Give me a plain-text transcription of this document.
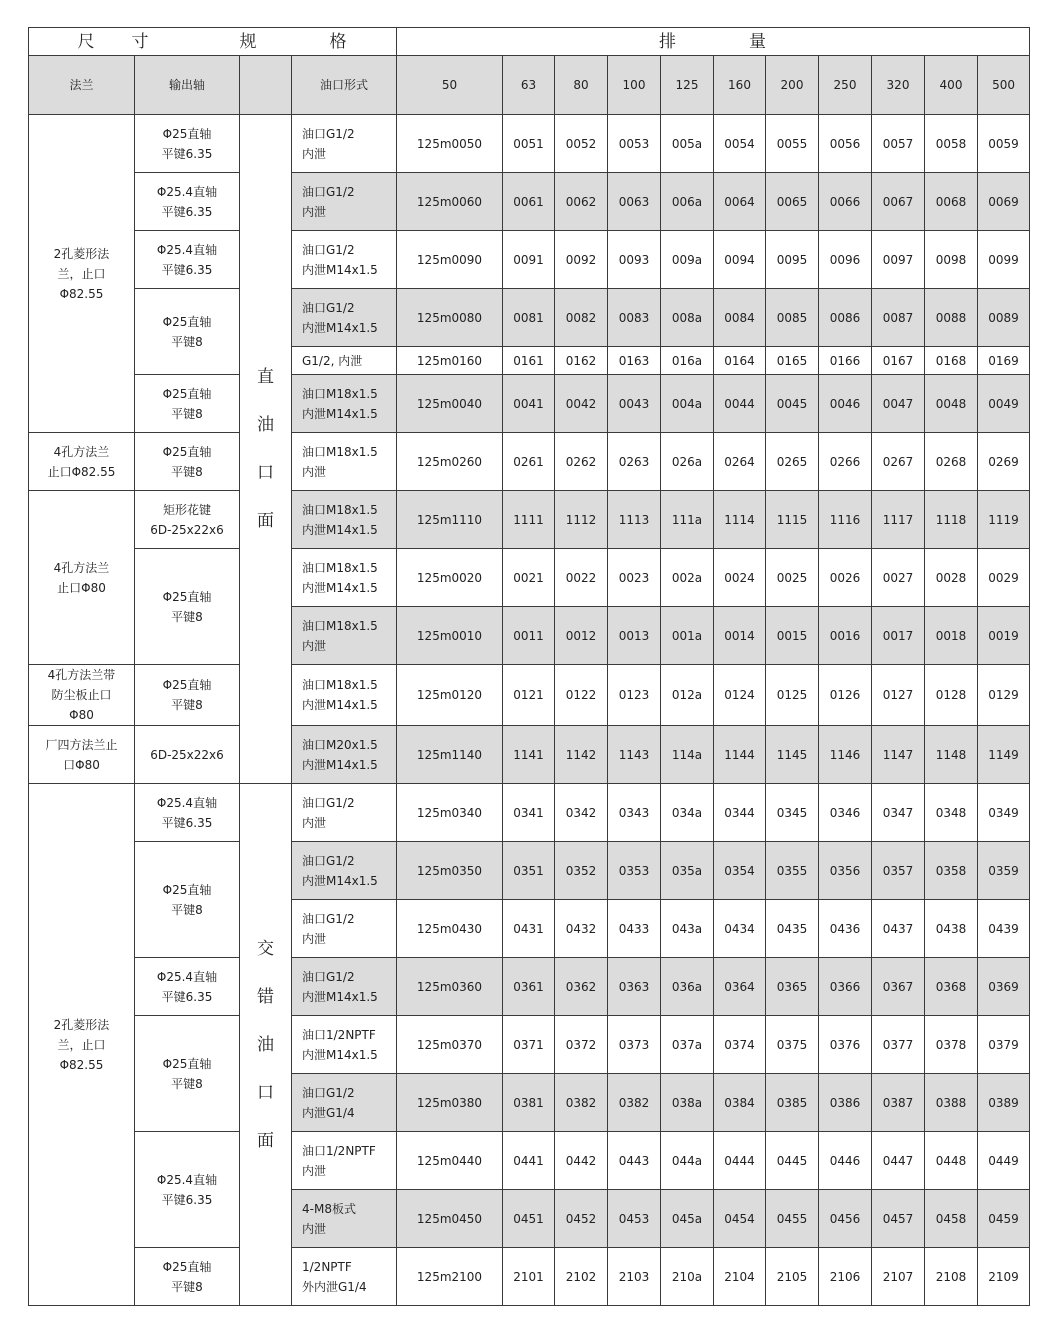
尺　　寸　　　　　规　　　　格				排　　　　量										
法兰	输出轴		油口形式	50	63	80	100	125	160	200	250	320	400	500
2孔菱形法
兰，止口
Φ82.55	Φ25直轴
平键6.35	直
油
口
面	油口G1/2
内泄	125m0050	0051	0052	0053	005a	0054	0055	0056	0057	0058	0059
	Φ25.4直轴
平键6.35		油口G1/2
内泄	125m0060	0061	0062	0063	006a	0064	0065	0066	0067	0068	0069
	Φ25.4直轴
平键6.35		油口G1/2
内泄M14x1.5	125m0090	0091	0092	0093	009a	0094	0095	0096	0097	0098	0099
	Φ25直轴
平键8		油口G1/2
内泄M14x1.5	125m0080	0081	0082	0083	008a	0084	0085	0086	0087	0088	0089
			G1/2, 内泄	125m0160	0161	0162	0163	016a	0164	0165	0166	0167	0168	0169
	Φ25直轴
平键8		油口M18x1.5
内泄M14x1.5	125m0040	0041	0042	0043	004a	0044	0045	0046	0047	0048	0049
4孔方法兰
止口Φ82.55	Φ25直轴
平键8		油口M18x1.5
内泄	125m0260	0261	0262	0263	026a	0264	0265	0266	0267	0268	0269
4孔方法兰
止口Φ80	矩形花键
6D-25x22x6		油口M18x1.5
内泄M14x1.5	125m1110	1111	1112	1113	111a	1114	1115	1116	1117	1118	1119
	Φ25直轴
平键8		油口M18x1.5
内泄M14x1.5	125m0020	0021	0022	0023	002a	0024	0025	0026	0027	0028	0029
			油口M18x1.5
内泄	125m0010	0011	0012	0013	001a	0014	0015	0016	0017	0018	0019
4孔方法兰带
防尘板止口
Φ80	Φ25直轴
平键8		油口M18x1.5
内泄M14x1.5	125m0120	0121	0122	0123	012a	0124	0125	0126	0127	0128	0129
厂四方法兰止
口Φ80	6D-25x22x6		油口M20x1.5
内泄M14x1.5	125m1140	1141	1142	1143	114a	1144	1145	1146	1147	1148	1149
2孔菱形法
兰，止口
Φ82.55	Φ25.4直轴
平键6.35	交
错
油
口
面	油口G1/2
内泄	125m0340	0341	0342	0343	034a	0344	0345	0346	0347	0348	0349
	Φ25直轴
平键8		油口G1/2
内泄M14x1.5	125m0350	0351	0352	0353	035a	0354	0355	0356	0357	0358	0359
			油口G1/2
内泄	125m0430	0431	0432	0433	043a	0434	0435	0436	0437	0438	0439
	Φ25.4直轴
平键6.35		油口G1/2
内泄M14x1.5	125m0360	0361	0362	0363	036a	0364	0365	0366	0367	0368	0369
	Φ25直轴
平键8		油口1/2NPTF
内泄M14x1.5	125m0370	0371	0372	0373	037a	0374	0375	0376	0377	0378	0379
			油口G1/2
内泄G1/4	125m0380	0381	0382	0382	038a	0384	0385	0386	0387	0388	0389
	Φ25.4直轴
平键6.35		油口1/2NPTF
内泄	125m0440	0441	0442	0443	044a	0444	0445	0446	0447	0448	0449
			4-M8板式
内泄	125m0450	0451	0452	0453	045a	0454	0455	0456	0457	0458	0459
	Φ25直轴
平键8		1/2NPTF
外内泄G1/4	125m2100	2101	2102	2103	210a	2104	2105	2106	2107	2108	2109
